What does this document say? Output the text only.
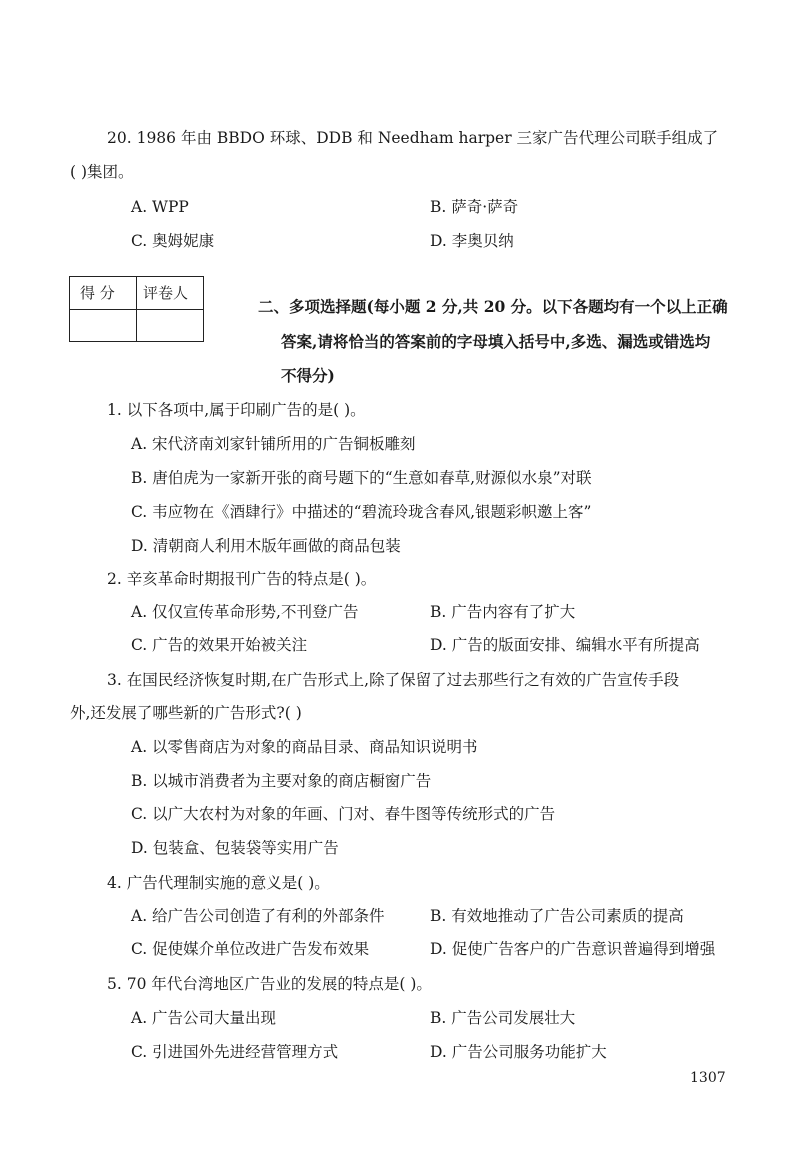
20. 1986 年由 BBDO 环球、DDB 和 Needham harper 三家广告代理公司联手组成了
( )集团。
A. WPP	B. 萨奇·萨奇
C. 奥姆妮康	D. 李奥贝纳
得 分 评卷人
二、多项选择题(每小题 2 分,共 20 分。以下各题均有一个以上正确
答案,请将恰当的答案前的字母填入括号中,多选、漏选或错选均
不得分)
1. 以下各项中,属于印刷广告的是( )。
A. 宋代济南刘家针铺所用的广告铜板雕刻
B. 唐伯虎为一家新开张的商号题下的“生意如春草,财源似水泉”对联
C. 韦应物在《酒肆行》中描述的“碧流玲珑含春风,银题彩帜邀上客”
D. 清朝商人利用木版年画做的商品包装
2. 辛亥革命时期报刊广告的特点是( )。
A. 仅仅宣传革命形势,不刊登广告	B. 广告内容有了扩大
C. 广告的效果开始被关注	D. 广告的版面安排、编辑水平有所提高
3. 在国民经济恢复时期,在广告形式上,除了保留了过去那些行之有效的广告宣传手段
外,还发展了哪些新的广告形式?( )
A. 以零售商店为对象的商品目录、商品知识说明书
B. 以城市消费者为主要对象的商店橱窗广告
C. 以广大农村为对象的年画、门对、春牛图等传统形式的广告
D. 包装盒、包装袋等实用广告
4. 广告代理制实施的意义是( )。
A. 给广告公司创造了有利的外部条件	B. 有效地推动了广告公司素质的提高
C. 促使媒介单位改进广告发布效果	D. 促使广告客户的广告意识普遍得到增强
5. 70 年代台湾地区广告业的发展的特点是( )。
A. 广告公司大量出现	B. 广告公司发展壮大
C. 引进国外先进经营管理方式	D. 广告公司服务功能扩大
1307
